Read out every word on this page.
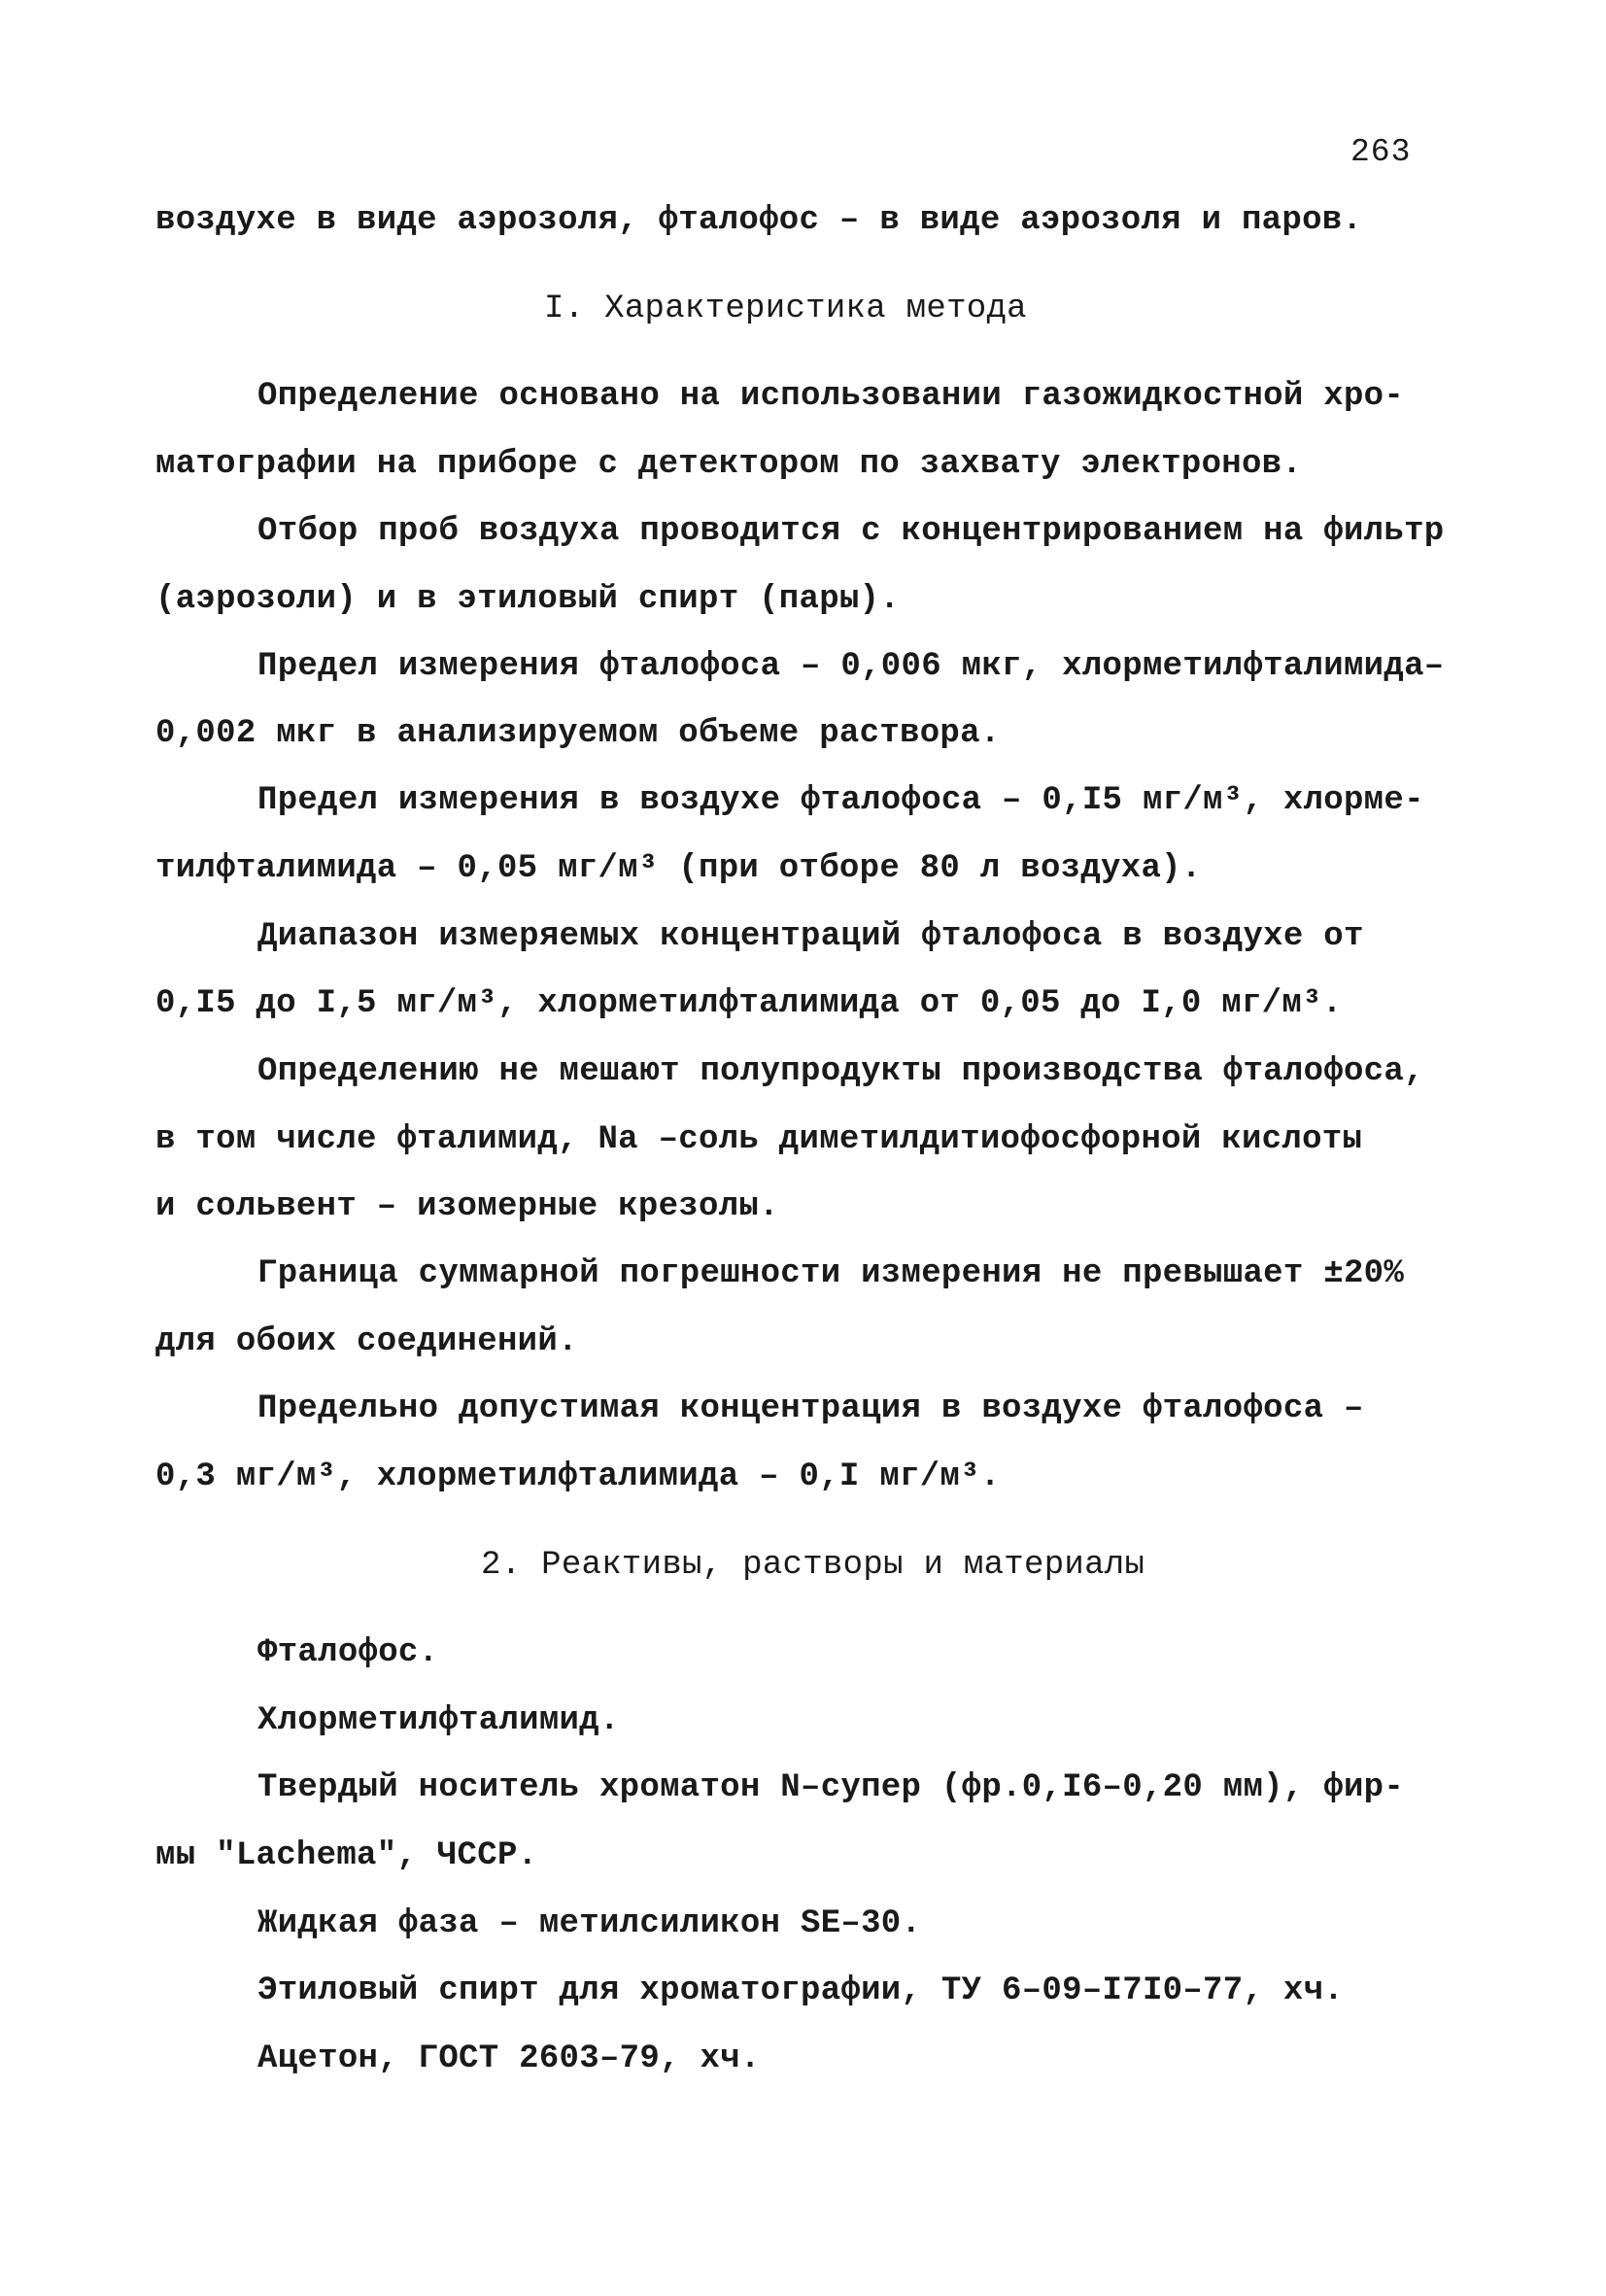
263
воздухе в виде аэрозоля, фталофос – в виде аэрозоля и паров.
I. Характеристика метода
Определение основано на использовании газожидкостной хро-
матографии на приборе с детектором по захвату электронов.
Отбор проб воздуха проводится с концентрированием на фильтр
(аэрозоли) и в этиловый спирт (пары).
Предел измерения фталофоса – 0,006 мкг, хлорметилфталимида–
0,002 мкг в анализируемом объеме раствора.
Предел измерения в воздухе фталофоса – 0,I5 мг/м³, хлорме-
тилфталимида – 0,05 мг/м³ (при отборе 80 л воздуха).
Диапазон измеряемых концентраций фталофоса в воздухе от
0,I5 до I,5 мг/м³, хлорметилфталимида от 0,05 до I,0 мг/м³.
Определению не мешают полупродукты производства фталофоса,
в том числе фталимид, Na –соль диметилдитиофосфорной кислоты
и сольвент – изомерные крезолы.
Граница суммарной погрешности измерения не превышает ±20%
для обоих соединений.
Предельно допустимая концентрация в воздухе фталофоса –
0,3 мг/м³, хлорметилфталимида – 0,I мг/м³.
2. Реактивы, растворы и материалы
Фталофос.
Хлорметилфталимид.
Твердый носитель хроматон N–супер (фр.0,I6–0,20 мм), фир-
мы "Lachema", ЧССР.
Жидкая фаза – метилсиликон SE–30.
Этиловый спирт для хроматографии, ТУ 6–09–I7I0–77, хч.
Ацетон, ГОСТ 2603–79, хч.
